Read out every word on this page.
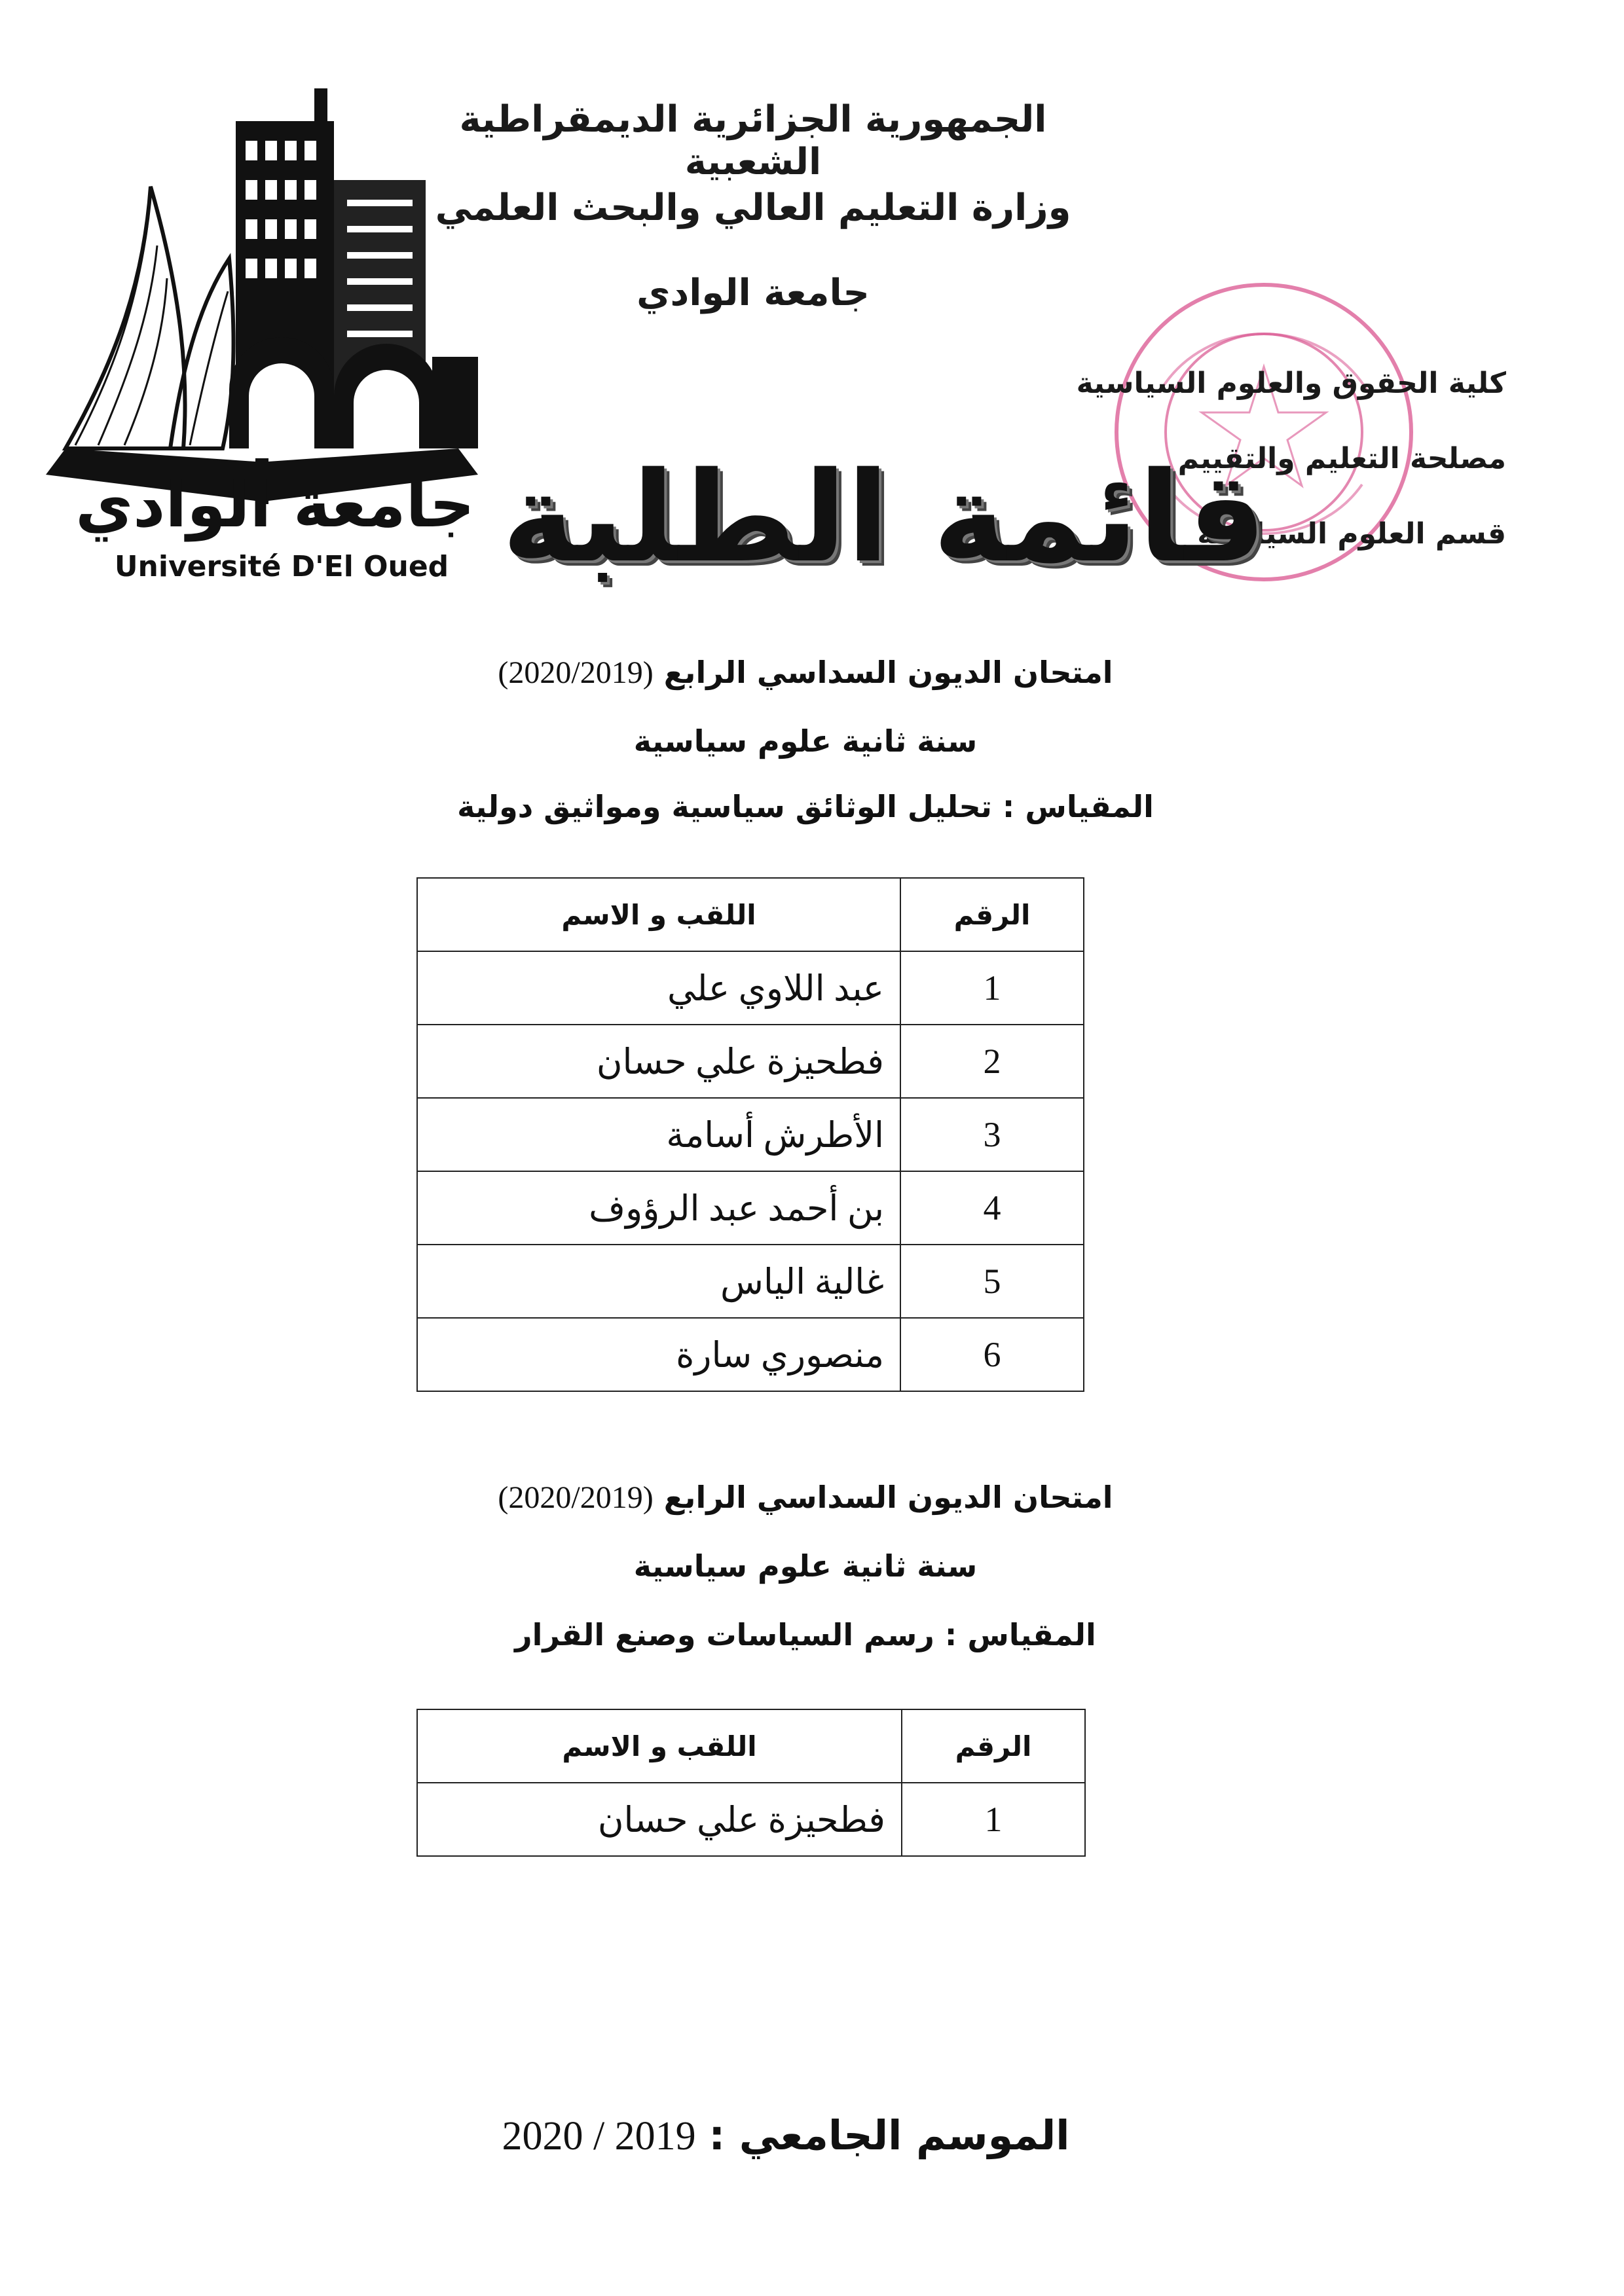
جامعة الوادي
Université D'El Oued
الجمهورية الجزائرية الديمقراطية الشعبية
وزارة التعليم العالي والبحث العلمي
جامعة الوادي
كلية الحقوق والعلوم السياسية
مصلحة التعليم والتقييم
قسم العلوم السياسية
قائمة الطلبة
امتحان الديون السداسي الرابع (2020/2019)
سنة ثانية علوم سياسية
المقياس : تحليل الوثائق سياسية ومواثيق دولية
الرقم	اللقب و الاسم
1	عبد اللاوي علي
2	فطحيزة علي حسان
3	الأطرش أسامة
4	بن أحمد عبد الرؤوف
5	غالية الياس
6	منصوري سارة
امتحان الديون السداسي الرابع (2020/2019)
سنة ثانية علوم سياسية
المقياس : رسم السياسات وصنع القرار
الرقم	اللقب و الاسم
1	فطحيزة علي حسان
الموسم الجامعي : 2020 / 2019
